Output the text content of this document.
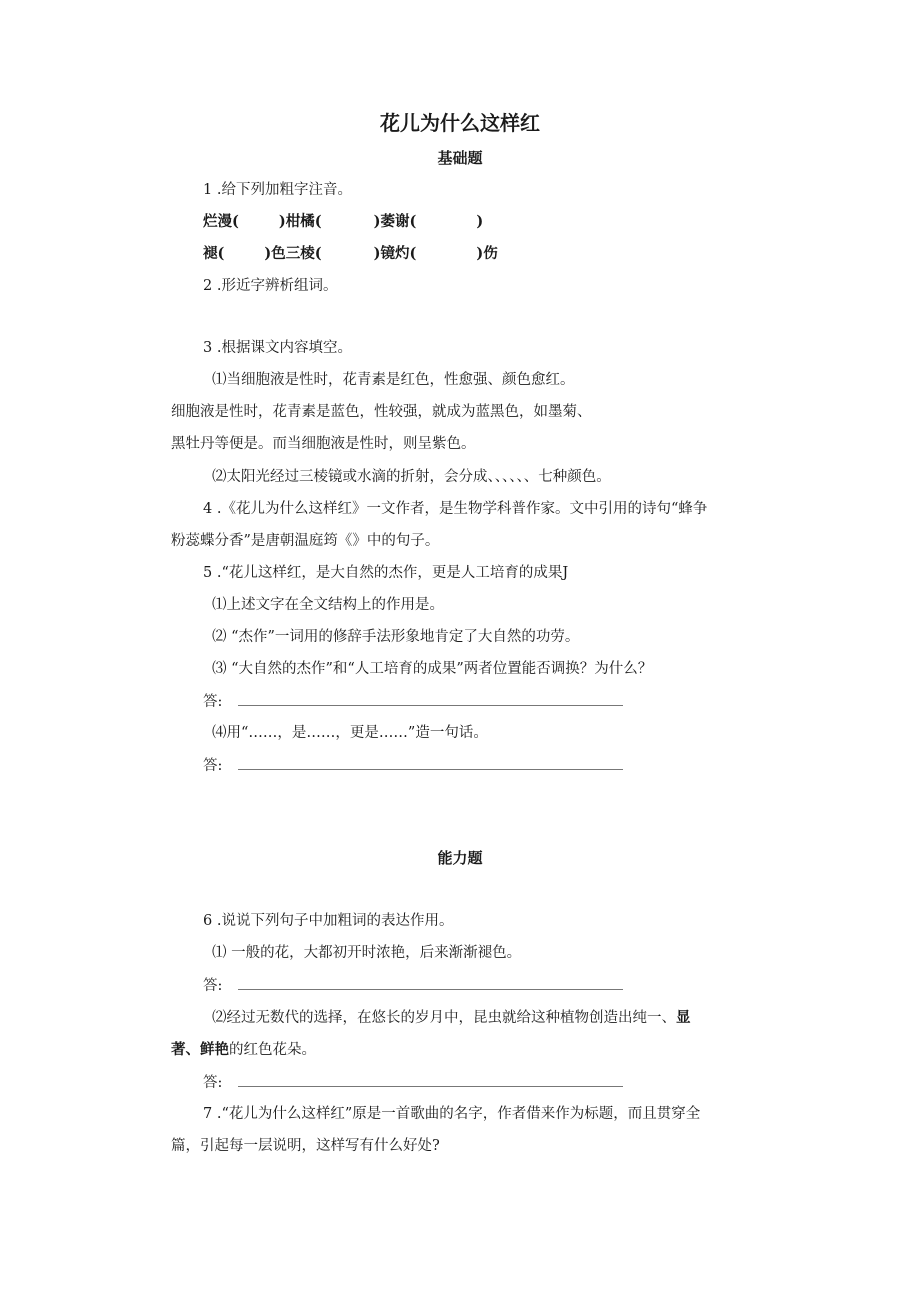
花儿为什么这样红
基础题
1 .给下列加粗字注音。
烂漫(	)柑橘(	)萎谢(	)
褪(	)色三棱(	)镜灼(	)伤
2 .形近字辨析组词。
3 .根据课文内容填空。
⑴当细胞液是性时，花青素是红色，性愈强、颜色愈红。
细胞液是性时，花青素是蓝色，性较强，就成为蓝黑色，如墨菊、
黑牡丹等便是。而当细胞液是性时，则呈紫色。
⑵太阳光经过三棱镜或水滴的折射，会分成、、、、、、七种颜色。
4 .《花儿为什么这样红》一文作者，是生物学科普作家。文中引用的诗句“蜂争
粉蕊蝶分香”是唐朝温庭筠《》中的句子。
5 .“花儿这样红，是大自然的杰作，更是人工培育的成果J
⑴上述文字在全文结构上的作用是。
⑵ “杰作”一词用的修辞手法形象地肯定了大自然的功劳。
⑶ “大自然的杰作”和“人工培育的成果”两者位置能否调换？为什么？
答:
⑷用“……，是……，更是……”造一句话。
答:
能力题
6 .说说下列句子中加粗词的表达作用。
⑴ 一般的花，大都初开时浓艳，后来渐渐褪色。
答:
⑵经过无数代的选择，在悠长的岁月中，昆虫就给这种植物创造出纯一、显
著、鲜艳的红色花朵。
答:
7 .“花儿为什么这样红”原是一首歌曲的名字，作者借来作为标题，而且贯穿全
篇，引起每一层说明，这样写有什么好处?
